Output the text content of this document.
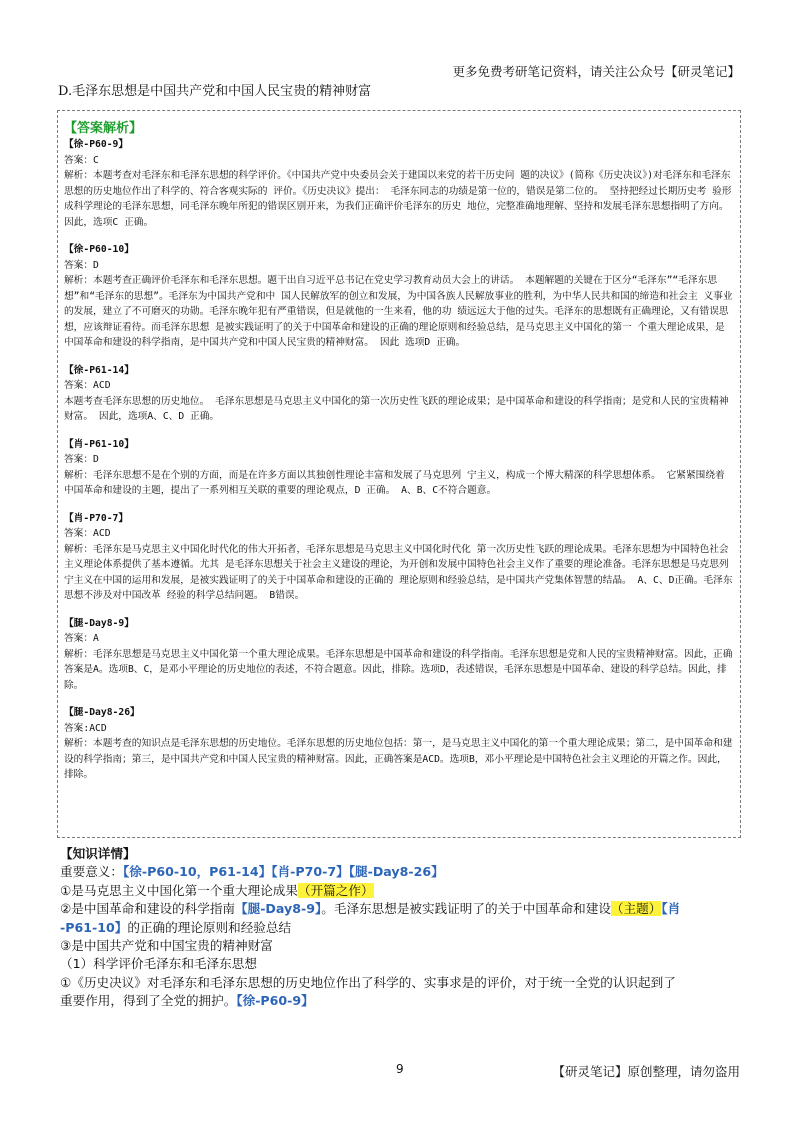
更多免费考研笔记资料，请关注公众号【研灵笔记】
D.毛泽东思想是中国共产党和中国人民宝贵的精神财富
【答案解析】
【徐-P60-9】
答案：C
解析：本题考查对毛泽东和毛泽东思想的科学评价。《中国共产党中央委员会关于建国以来党的若干历史问 题的决议》(简称《历史决议》)对毛泽东和毛泽东思想的历史地位作出了科学的、符合客观实际的 评价。《历史决议》提出： 毛泽东同志的功绩是第一位的，错误是第二位的。 坚持把经过长期历史考 验形成科学理论的毛泽东思想，同毛泽东晚年所犯的错误区别开来，为我们正确评价毛泽东的历史 地位，完整准确地理解、坚持和发展毛泽东思想指明了方向。因此，选项C 正确。
【徐-P60-10】
答案：D
解析：本题考查正确评价毛泽东和毛泽东思想。题干出自习近平总书记在党史学习教育动员大会上的讲话。 本题解题的关键在于区分“毛泽东”“毛泽东思想”和“毛泽东的思想”。毛泽东为中国共产党和中 国人民解放军的创立和发展，为中国各族人民解放事业的胜利，为中华人民共和国的缔造和社会主 义事业的发展，建立了不可磨灭的功勋。毛泽东晚年犯有严重错误，但是就他的一生来看，他的功 绩远远大于他的过失。毛泽东的思想既有正确理论，又有错误思想，应该辩证看待。而毛泽东思想 是被实践证明了的关于中国革命和建设的正确的理论原则和经验总结，是马克思主义中国化的第一 个重大理论成果，是中国革命和建设的科学指南，是中国共产党和中国人民宝贵的精神财富。 因此 选项D 正确。
【徐-P61-14】
答案：ACD
本题考查毛泽东思想的历史地位。 毛泽东思想是马克思主义中国化的第一次历史性飞跃的理论成果；是中国革命和建设的科学指南；是党和人民的宝贵精神财富。 因此，选项A、C、D 正确。
【肖-P61-10】
答案：D
解析：毛泽东思想不是在个别的方面，而是在许多方面以其独创性理论丰富和发展了马克思列 宁主义，构成一个博大精深的科学思想体系。 它紧紧围绕着中国革命和建设的主题，提出了一系列相互关联的重要的理论观点，D 正确。 A、B、C不符合题意。
【肖-P70-7】
答案：ACD
解析：毛泽东是马克思主义中国化时代化的伟大开拓者，毛泽东思想是马克思主义中国化时代化 第一次历史性飞跃的理论成果。毛泽东思想为中国特色社会主义理论体系提供了基本遵循。尤其 是毛泽东思想关于社会主义建设的理论，为开创和发展中国特色社会主义作了重要的理论准备。毛泽东思想是马克思列宁主义在中国的运用和发展，是被实践证明了的关于中国革命和建设的正确的 理论原则和经验总结，是中国共产党集体智慧的结晶。 A、C、D正确。毛泽东思想不涉及对中国改革 经验的科学总结问题。 B错误。
【腿-Day8-9】
答案：A
解析：毛泽东思想是马克思主义中国化第一个重大理论成果。毛泽东思想是中国革命和建设的科学指南。毛泽东思想是党和人民的宝贵精神财富。因此，正确答案是A。选项B、C，是邓小平理论的历史地位的表述，不符合题意。因此，排除。选项D，表述错误，毛泽东思想是中国革命、建设的科学总结。因此，排除。
【腿-Day8-26】
答案:ACD
解析：本题考查的知识点是毛泽东思想的历史地位。毛泽东思想的历史地位包括：第一，是马克思主义中国化的第一个重大理论成果；第二，是中国革命和建设的科学指南；第三，是中国共产党和中国人民宝贵的精神财富。因此，正确答案是ACD。选项B，邓小平理论是中国特色社会主义理论的开篇之作。因此，排除。
【知识详情】
重要意义：【徐-P60-10，P61-14】【肖-P70-7】【腿-Day8-26】
①是马克思主义中国化第一个重大理论成果（开篇之作）
②是中国革命和建设的科学指南【腿-Day8-9】。毛泽东思想是被实践证明了的关于中国革命和建设（主题）【肖
-P61-10】的正确的理论原则和经验总结
③是中国共产党和中国宝贵的精神财富
（1）科学评价毛泽东和毛泽东思想
①《历史决议》对毛泽东和毛泽东思想的历史地位作出了科学的、实事求是的评价，对于统一全党的认识起到了
重要作用，得到了全党的拥护。【徐-P60-9】
9	【研灵笔记】原创整理，请勿盗用
